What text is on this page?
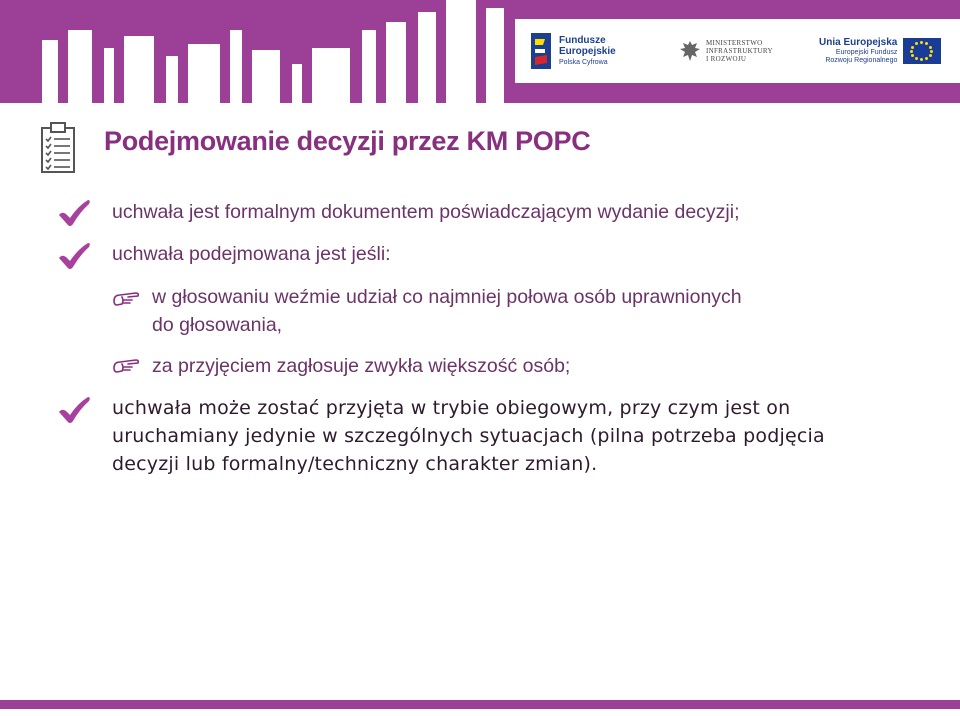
Fundusze
Europejskie
Polska Cyfrowa
MINISTERSTWO
INFRASTRUKTURY
I ROZWOJU
Unia Europejska
Europejski Fundusz
Rozwoju Regionalnego
Podejmowanie decyzji przez KM POPC

uchwała jest formalnym dokumentem poświadczającym wydanie decyzji;

uchwała podejmowana jest jeśli:

w głosowaniu weźmie udział co najmniej połowa osób uprawnionych

do głosowania,

za przyjęciem zagłosuje zwykła większość osób;

uchwała może zostać przyjęta w trybie obiegowym, przy czym jest on

uruchamiany jedynie w szczególnych sytuacjach (pilna potrzeba podjęcia

decyzji lub formalny/techniczny charakter zmian).
